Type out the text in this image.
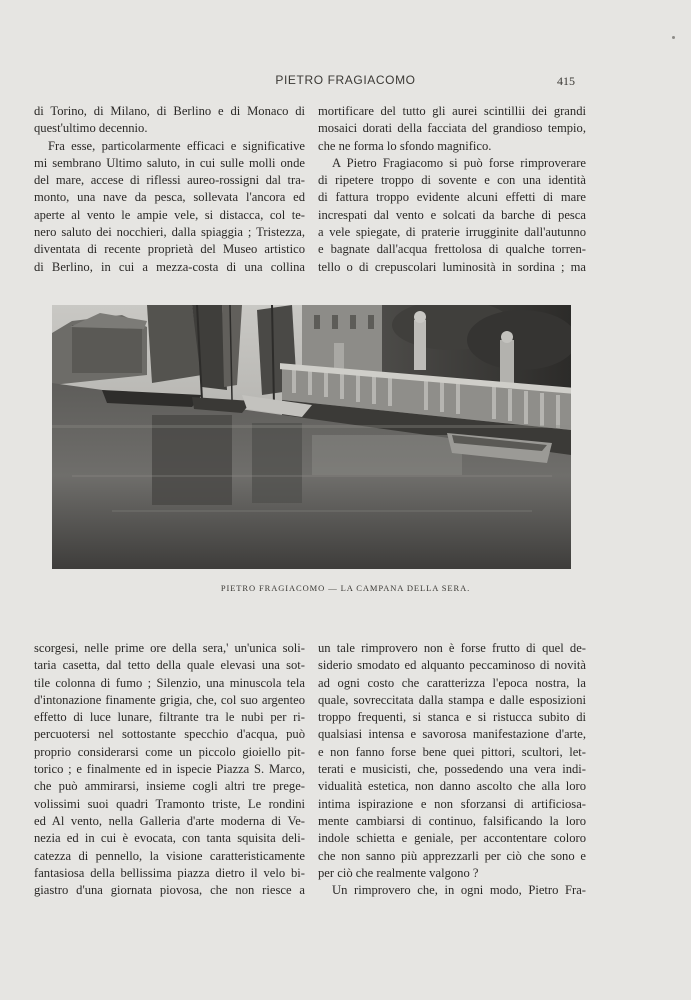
PIETRO FRAGIACOMO	415
di Torino, di Milano, di Berlino e di Monaco di
quest'ultimo decennio.
Fra esse, particolarmente efficaci e significative
mi sembrano Ultimo saluto, in cui sulle molli onde
del mare, accese di riflessi aureo-rossigni dal tra-
monto, una nave da pesca, sollevata l'ancora ed
aperte al vento le ampie vele, si distacca, col te-
nero saluto dei nocchieri, dalla spiaggia ; Tristezza,
diventata di recente proprietà del Museo artistico
di Berlino, in cui a mezza-costa di una collina
mortificare del tutto gli aurei scintillii dei grandi
mosaici dorati della facciata del grandioso tempio,
che ne forma lo sfondo magnifico.
A Pietro Fragiacomo si può forse rimproverare
di ripetere troppo di sovente e con una identità
di fattura troppo evidente alcuni effetti di mare
increspati dal vento e solcati da barche di pesca
a vele spiegate, di praterie irrugginite dall'autunno
e bagnate dall'acqua frettolosa di qualche torren-
tello o di crepuscolari luminosità in sordina ; ma
PIETRO FRAGIACOMO — LA CAMPANA DELLA SERA.
scorgesi, nelle prime ore della sera,' un'unica soli-
taria casetta, dal tetto della quale elevasi una sot-
tile colonna di fumo ; Silenzio, una minuscola tela
d'intonazione finamente grigia, che, col suo argenteo
effetto di luce lunare, filtrante tra le nubi per ri-
percuotersi nel sottostante specchio d'acqua, può
proprio considerarsi come un piccolo gioiello pit-
torico ; e finalmente ed in ispecie Piazza S. Marco,
che può ammirarsi, insieme cogli altri tre prege-
volissimi suoi quadri Tramonto triste, Le rondini
ed Al vento, nella Galleria d'arte moderna di Ve-
nezia ed in cui è evocata, con tanta squisita deli-
catezza di pennello, la visione caratteristicamente
fantasiosa della bellissima piazza dietro il velo bi-
giastro d'una giornata piovosa, che non riesce a
un tale rimprovero non è forse frutto di quel de-
siderio smodato ed alquanto peccaminoso di novità
ad ogni costo che caratterizza l'epoca nostra, la
quale, sovreccitata dalla stampa e dalle esposizioni
troppo frequenti, si stanca e si ristucca subito di
qualsiasi intensa e savorosa manifestazione d'arte,
e non fanno forse bene quei pittori, scultori, let-
terati e musicisti, che, possedendo una vera indi-
vidualità estetica, non danno ascolto che alla loro
intima ispirazione e non sforzansi di artificiosa-
mente cambiarsi di continuo, falsificando la loro
indole schietta e geniale, per accontentare coloro
che non sanno più apprezzarli per ciò che sono e
per ciò che realmente valgono ?
Un rimprovero che, in ogni modo, Pietro Fra-
